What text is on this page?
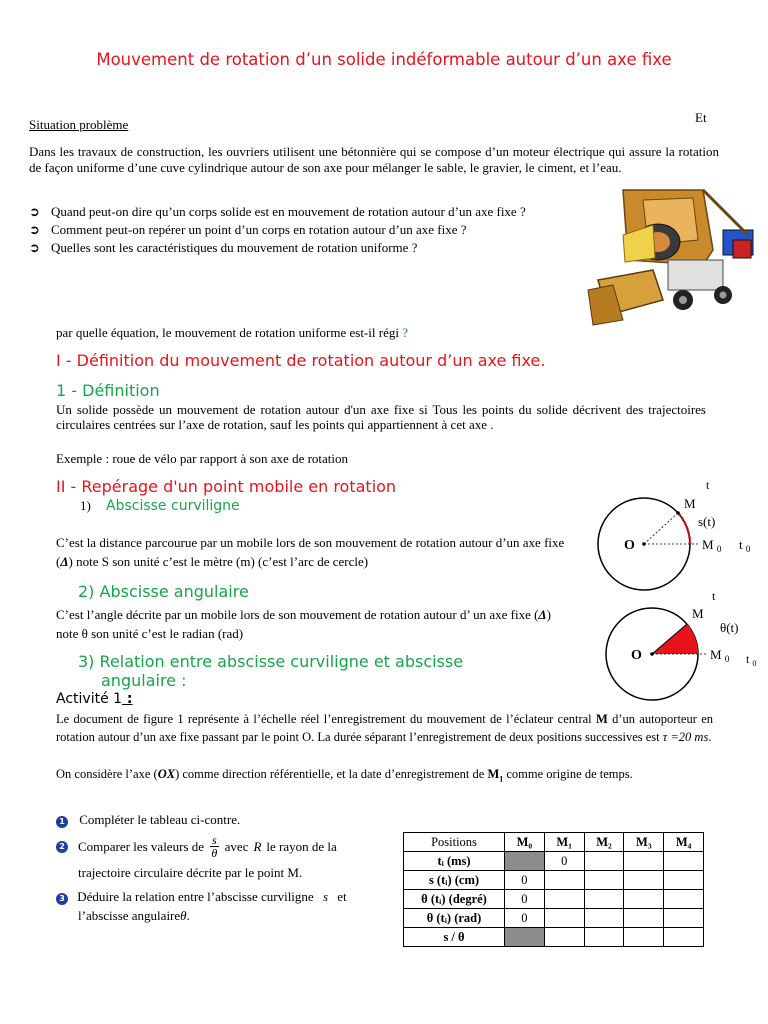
Mouvement de rotation d’un solide indéformable autour d’un axe fixe
Et
Situation problème
Dans les travaux de construction, les ouvriers utilisent une bétonnière qui se compose d’un moteur électrique qui assure la rotation de façon uniforme d’une cuve cylindrique autour de son axe pour mélanger le sable, le gravier, le ciment, et l’eau.
➲ Quand peut-on dire qu’un corps solide est en mouvement de rotation autour d’un axe fixe ?
➲ Comment peut-on repérer un point d’un corps en rotation autour d’un axe fixe ?
➲ Quelles sont les caractéristiques du mouvement de rotation uniforme ?
par quelle équation, le mouvement de rotation uniforme est-il régi ?
I - Définition du mouvement de rotation autour d’un axe fixe.
1 - Définition
Un solide possède un mouvement de rotation autour d'un axe fixe si Tous les points du solide décrivent des trajectoires circulaires centrées sur l’axe de rotation, sauf les points qui appartiennent à cet axe .
Exemple : roue de vélo par rapport à son axe de rotation
II - Repérage d'un point mobile en rotation
1) Abscisse curviligne
C’est la distance parcourue par un mobile lors de son mouvement de rotation autour d’un axe fixe (Δ) note S son unité c’est le mètre (m) (c’est l’arc de cercle)
2) Abscisse angulaire
C’est l’angle décrite par un mobile lors de son mouvement de rotation autour d’ un axe fixe (Δ) note θ son unité c’est le radian (rad)
3) Relation entre abscisse curviligne et abscisse
angulaire :
t
M
s(t)
O	M $_0$ t $_0$
t
M
θ(t)
O	M $_0$ t $_0$
Activité 1 :
Le document de figure 1 représente à l’échelle réel l’enregistrement du mouvement de l’éclateur central M d’un autoporteur en rotation autour d’un axe fixe passant par le point O. La durée séparant l’enregistrement de deux positions successives est τ =20 ms.
On considère l’axe (OX) comme direction référentielle, et la date d’enregistrement de $M_1$ comme origine de temps.
1 Compléter le tableau ci-contre.
2 Comparer les valeurs de s
θ avec R le rayon de la
trajectoire circulaire décrite par le point M.
3 Déduire la relation entre l’abscisse curviligne s et
l’abscisse angulaireθ.
Positions	M₀	M₁	M₂	M₃	M₄
tᵢ (ms)		0			
s (tᵢ) (cm)	0				
θ (tᵢ) (degré)	0				
θ (tᵢ) (rad)	0				
s / θ					
